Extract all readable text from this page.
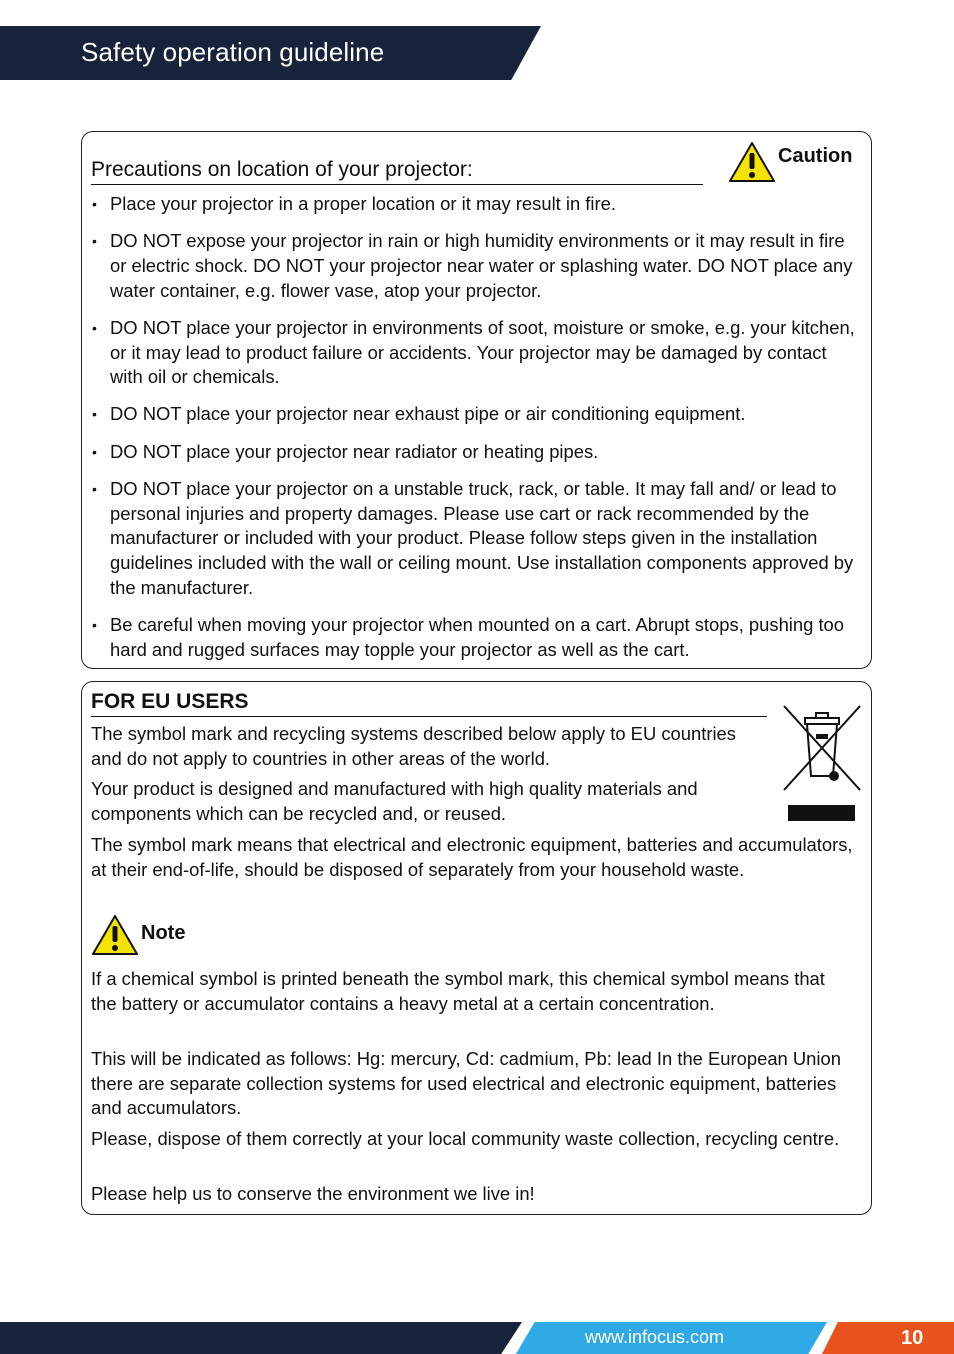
Safety operation guideline
Precautions on location of your projector:
Caution
• Place your projector in a proper location or it may result in fire.
• DO NOT expose your projector in rain or high humidity environments or it may result in fire or electric shock. DO NOT your projector near water or splashing water. DO NOT place any water container, e.g. flower vase, atop your projector.
• DO NOT place your projector in environments of soot, moisture or smoke, e.g. your kitchen, or it may lead to product failure or accidents. Your projector may be damaged by contact with oil or chemicals.
• DO NOT place your projector near exhaust pipe or air conditioning equipment.
• DO NOT place your projector near radiator or heating pipes.
• DO NOT place your projector on a unstable truck, rack, or table. It may fall and/ or lead to personal injuries and property damages. Please use cart or rack recommended by the manufacturer or included with your product. Please follow steps given in the installation guidelines included with the wall or ceiling mount. Use installation components approved by the manufacturer.
• Be careful when moving your projector when mounted on a cart. Abrupt stops, pushing too hard and rugged surfaces may topple your projector as well as the cart.
FOR EU USERS
The symbol mark and recycling systems described below apply to EU countries and do not apply to countries in other areas of the world.
Your product is designed and manufactured with high quality materials and components which can be recycled and, or reused.
The symbol mark means that electrical and electronic equipment, batteries and accumulators, at their end-of-life, should be disposed of separately from your household waste.
Note
If a chemical symbol is printed beneath the symbol mark, this chemical symbol means that the battery or accumulator contains a heavy metal at a certain concentration.
This will be indicated as follows: Hg: mercury, Cd: cadmium, Pb: lead In the European Union there are separate collection systems for used electrical and electronic equipment, batteries and accumulators.
Please, dispose of them correctly at your local community waste collection, recycling centre.
Please help us to conserve the environment we live in!
www.infocus.com	10
